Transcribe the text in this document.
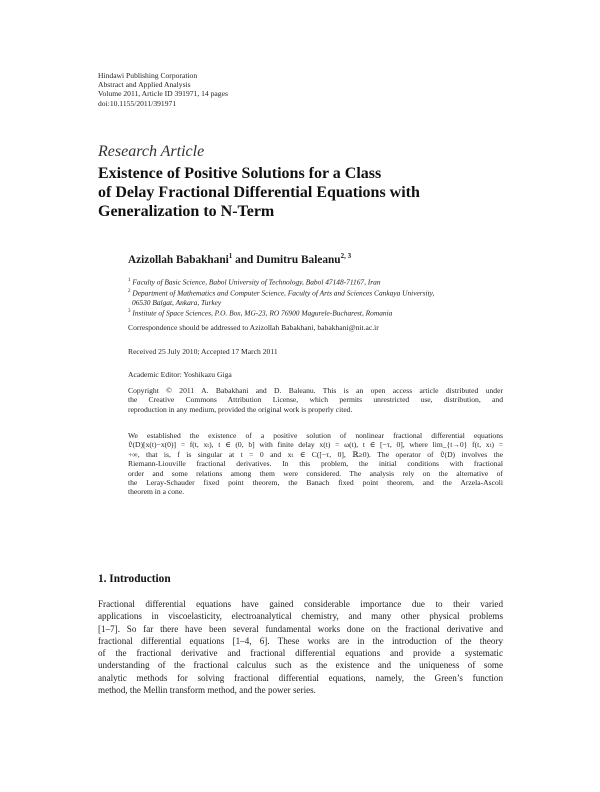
Hindawi Publishing Corporation
Abstract and Applied Analysis
Volume 2011, Article ID 391971, 14 pages
doi:10.1155/2011/391971
Research Article
Existence of Positive Solutions for a Class
of Delay Fractional Differential Equations with
Generalization to N-Term
Azizollah Babakhani$^1$ and Dumitru Baleanu$^{2, 3}$
$^1$ Faculty of Basic Science, Babol University of Technology, Babol 47148-71167, Iran
$^2$ Department of Mathematics and Computer Science, Faculty of Arts and Sciences Cankaya University,
06530 Balgat, Ankara, Turkey
$^3$ Institute of Space Sciences, P.O. Box, MG-23, RO 76900 Magurele-Bucharest, Romania
Correspondence should be addressed to Azizollah Babakhani, babakhani@nit.ac.ir
Received 25 July 2010; Accepted 17 March 2011
Academic Editor: Yoshikazu Giga
Copyright © 2011 A. Babakhani and D. Baleanu. This is an open access article distributed under
the Creative Commons Attribution License, which permits unrestricted use, distribution, and
reproduction in any medium, provided the original work is properly cited.
We established the existence of a positive solution of nonlinear fractional differential equations
𝔏(D)[x(t)−x(0)] = f(t, xₜ), t ∈ (0, b] with finite delay x(t) = ω(t), t ∈ [−τ, 0], where lim_{t→0} f(t, xₜ) =
+∞, that is, f is singular at t = 0 and xₜ ∈ C([−τ, 0], ℝ≥0). The operator of 𝔏(D) involves the
Riemann-Liouville fractional derivatives. In this problem, the initial conditions with fractional
order and some relations among them were considered. The analysis rely on the alternative of
the Leray-Schauder fixed point theorem, the Banach fixed point theorem, and the Arzela-Ascoli
theorem in a cone.
1. Introduction
Fractional differential equations have gained considerable importance due to their varied
applications in viscoelasticity, electroanalytical chemistry, and many other physical problems
[1–7]. So far there have been several fundamental works done on the fractional derivative and
fractional differential equations [1–4, 6]. These works are in the introduction of the theory
of the fractional derivative and fractional differential equations and provide a systematic
understanding of the fractional calculus such as the existence and the uniqueness of some
analytic methods for solving fractional differential equations, namely, the Green’s function
method, the Mellin transform method, and the power series.
